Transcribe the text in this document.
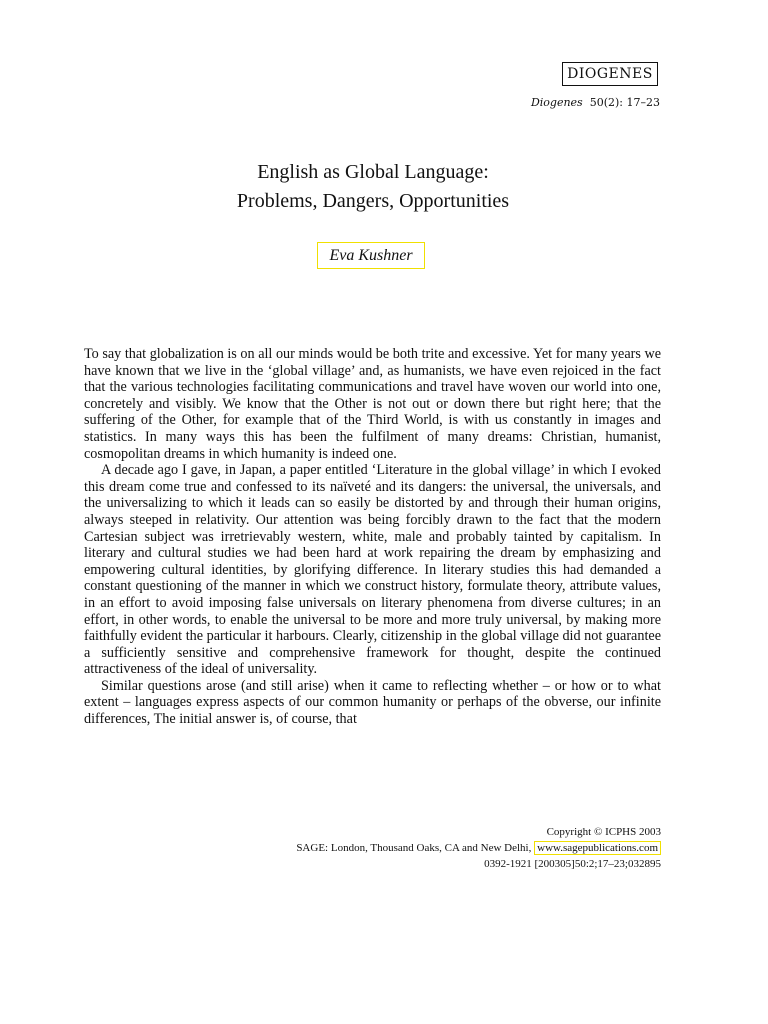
DIOGENES
Diogenes 50(2): 17–23
English as Global Language:
Problems, Dangers, Opportunities
Eva Kushner

To say that globalization is on all our minds would be both trite and excessive. Yet for many years we have known that we live in the ‘global village’ and, as humanists, we have even rejoiced in the fact that the various technologies facilitating communications and travel have woven our world into one, concretely and visibly. We know that the Other is not out or down there but right here; that the suffering of the Other, for example that of the Third World, is with us constantly in images and statistics. In many ways this has been the fulfilment of many dreams: Christian, humanist, cosmopolitan dreams in which humanity is indeed one.

A decade ago I gave, in Japan, a paper entitled ‘Literature in the global village’ in which I evoked this dream come true and confessed to its naïveté and its dangers: the universal, the universals, and the universalizing to which it leads can so easily be distorted by and through their human origins, always steeped in relativity. Our attention was being forcibly drawn to the fact that the modern Cartesian subject was irretrievably western, white, male and probably tainted by capitalism. In literary and cultural studies we had been hard at work repairing the dream by emphasizing and empowering cultural identities, by glorifying difference. In literary studies this had demanded a constant questioning of the manner in which we construct history, formulate theory, attribute values, in an effort to avoid imposing false universals on literary phenomena from diverse cultures; in an effort, in other words, to enable the universal to be more and more truly universal, by making more faithfully evident the particular it harbours. Clearly, citizenship in the global village did not guarantee a sufficiently sensitive and comprehensive framework for thought, despite the continued attractiveness of the ideal of universality.

Similar questions arose (and still arise) when it came to reflecting whether – or how or to what extent – languages express aspects of our common humanity or perhaps of the obverse, our infinite differences, The initial answer is, of course, that

Copyright © ICPHS 2003
SAGE: London, Thousand Oaks, CA and New Delhi, www.sagepublications.com
0392-1921 [200305]50:2;17–23;032895
